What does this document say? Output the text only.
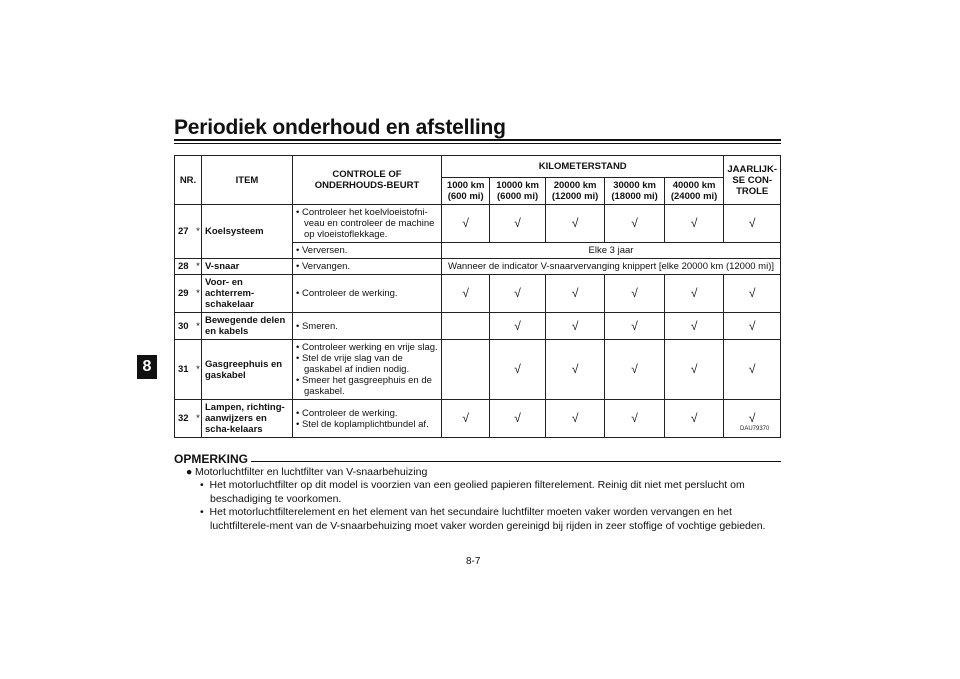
Periodiek onderhoud en afstelling
8
NR.		ITEM	CONTROLE OF ONDERHOUDS-BEURT	KILOMETERSTAND					JAARLIJK-SE CON-TROLE
				1000 km (600 mi)	10000 km (6000 mi)	20000 km (12000 mi)	30000 km (18000 mi)	40000 km (24000 mi)	
27	*	Koelsysteem	• Controleer het koelvloeistofni-veau en controleer de machine op vloeistoflekkage.	√	√	√	√	√	√

			• Verversen.	Elke 3 jaar					
28	*	V-snaar	• Vervangen.	Wanneer de indicator V-snaarvervanging knippert [elke 20000 km (12000 mi)]					
29	*	Voor- en achterrem-schakelaar	• Controleer de werking.	√	√	√	√	√	√
30	*	Bewegende delen en kabels	• Smeren.		√	√	√	√	√
31	*	Gasgreephuis en gaskabel	• Controleer werking en vrije slag.
• Stel de vrije slag van de gaskabel af indien nodig.
• Smeer het gasgreephuis en de gaskabel.		√	√	√	√	√
32	*	Lampen, richting-aanwijzers en scha-kelaars	• Controleer de werking.
• Stel de koplamplichtbundel af.	√	√	√	√	√	√
DAU79370
OPMERKING
● Motorluchtfilter en luchtfilter van V-snaarbehuizing
•  Het motorluchtfilter op dit model is voorzien van een geolied papieren filterelement. Reinig dit niet met perslucht om beschadiging te voorkomen.
•  Het motorluchtfilterelement en het element van het secundaire luchtfilter moeten vaker worden vervangen en het luchtfilterele-ment van de V-snaarbehuizing moet vaker worden gereinigd bij rijden in zeer stoffige of vochtige gebieden.
8-7
